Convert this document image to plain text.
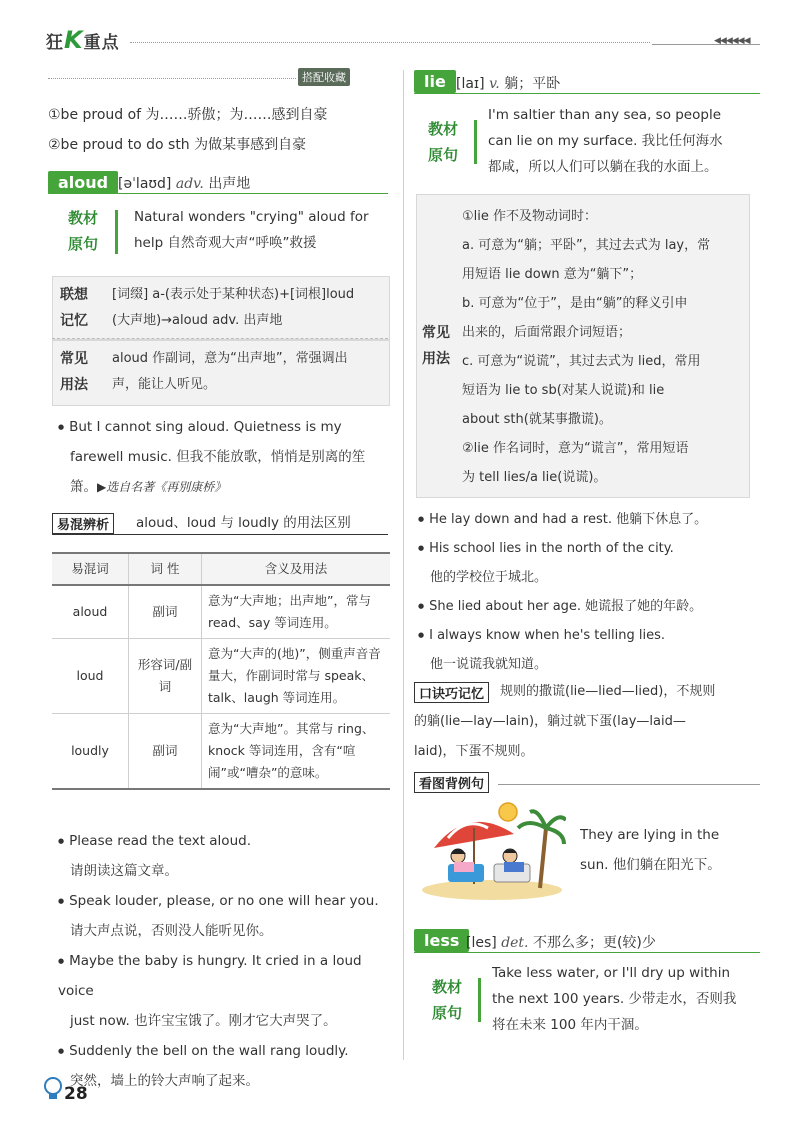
狂K重点	◀◀◀◀◀◀
搭配收藏
①be proud of 为……骄傲；为……感到自豪
②be proud to do sth 为做某事感到自豪
aloud [əˈlaʊd] adv. 出声地
教材
原句
Natural wonders "crying" aloud for
help 自然奇观大声“呼唤”救援
联想
记忆
[词缀] a-(表示处于某种状态)+[词根]loud
(大声地)→aloud adv. 出声地
常见
用法
aloud 作副词，意为“出声地”，常强调出
声，能让人听见。
● But I cannot sing aloud. Quietness is my
farewell music. 但我不能放歌，悄悄是别离的笙
箫。▶选自名著《再别康桥》
易混辨析	aloud、loud 与 loudly 的用法区别
易混词	词 性	含义及用法
aloud	副词	意为“大声地；出声地”，常与 read、say 等词连用。
loud	形容词/副词	意为“大声的(地)”，侧重声音音量大，作副词时常与 speak、talk、laugh 等词连用。
loudly	副词	意为“大声地”。其常与 ring、knock 等词连用，含有“喧闹”或“嘈杂”的意味。
● Please read the text aloud.
请朗读这篇文章。
● Speak louder, please, or no one will hear you.
请大声点说，否则没人能听见你。
● Maybe the baby is hungry. It cried in a loud voice
just now. 也许宝宝饿了。刚才它大声哭了。
● Suddenly the bell on the wall rang loudly.
突然，墙上的铃大声响了起来。
lie [laɪ] v. 躺；平卧
教材
原句
I'm saltier than any sea, so people
can lie on my surface. 我比任何海水
都咸，所以人们可以躺在我的水面上。
常见
用法
①lie 作不及物动词时：
a. 可意为“躺；平卧”，其过去式为 lay，常
用短语 lie down 意为“躺下”；
b. 可意为“位于”，是由“躺”的释义引申
出来的，后面常跟介词短语；
c. 可意为“说谎”，其过去式为 lied，常用
短语为 lie to sb(对某人说谎)和 lie
about sth(就某事撒谎)。
②lie 作名词时，意为“谎言”，常用短语
为 tell lies/a lie(说谎)。
● He lay down and had a rest. 他躺下休息了。
● His school lies in the north of the city.
他的学校位于城北。
● She lied about her age. 她谎报了她的年龄。
● I always know when he's telling lies.
他一说谎我就知道。
口诀巧记忆	规则的撒谎(lie—lied—lied)，不规则
的躺(lie—lay—lain)，躺过就下蛋(lay—laid—
laid)，下蛋不规则。
看图背例句
They are lying in the
sun. 他们躺在阳光下。
less [les] det. 不那么多；更(较)少
教材
原句
Take less water, or I'll dry up within
the next 100 years. 少带走水，否则我
将在未来 100 年内干涸。
28
